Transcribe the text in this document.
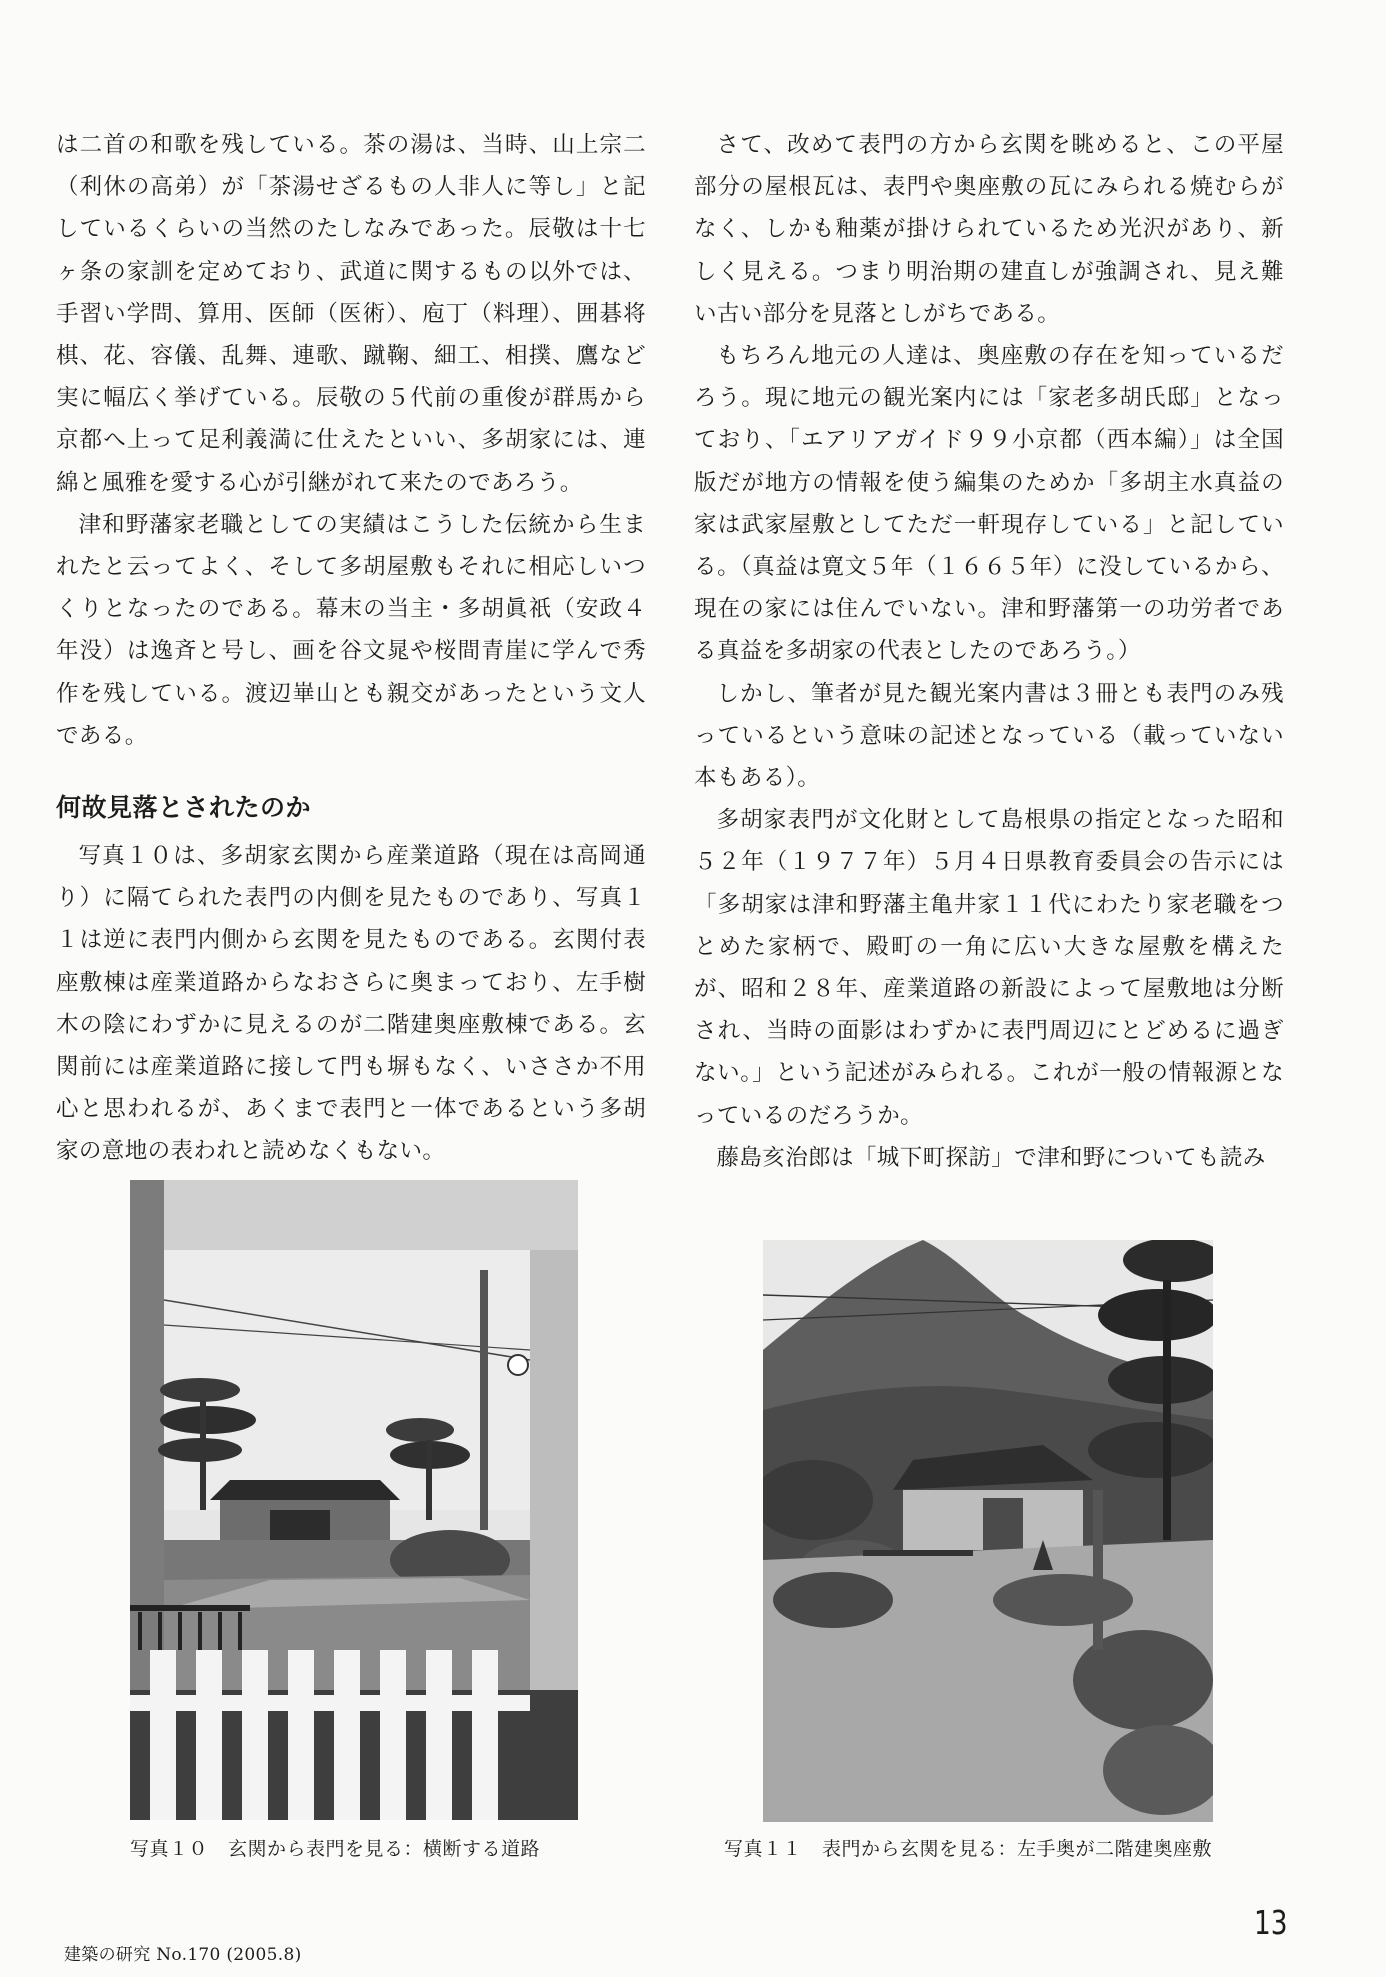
は二首の和歌を残している。茶の湯は、当時、山上宗二（利休の高弟）が「茶湯せざるもの人非人に等し」と記しているくらいの当然のたしなみであった。辰敬は十七ヶ条の家訓を定めており、武道に関するもの以外では、手習い学問、算用、医師（医術）、庖丁（料理）、囲碁将棋、花、容儀、乱舞、連歌、蹴鞠、細工、相撲、鷹など実に幅広く挙げている。辰敬の５代前の重俊が群馬から京都へ上って足利義満に仕えたといい、多胡家には、連綿と風雅を愛する心が引継がれて来たのであろう。

津和野藩家老職としての実績はこうした伝統から生まれたと云ってよく、そして多胡屋敷もそれに相応しいつくりとなったのである。幕末の当主・多胡眞祇（安政４年没）は逸斉と号し、画を谷文晁や桜間青崖に学んで秀作を残している。渡辺崋山とも親交があったという文人である。

何故見落とされたのか

写真１０は、多胡家玄関から産業道路（現在は高岡通り）に隔てられた表門の内側を見たものであり、写真１１は逆に表門内側から玄関を見たものである。玄関付表座敷棟は産業道路からなおさらに奥まっており、左手樹木の陰にわずかに見えるのが二階建奥座敷棟である。玄関前には産業道路に接して門も塀もなく、いささか不用心と思われるが、あくまで表門と一体であるという多胡家の意地の表われと読めなくもない。

さて、改めて表門の方から玄関を眺めると、この平屋部分の屋根瓦は、表門や奥座敷の瓦にみられる焼むらがなく、しかも釉薬が掛けられているため光沢があり、新しく見える。つまり明治期の建直しが強調され、見え難い古い部分を見落としがちである。

もちろん地元の人達は、奥座敷の存在を知っているだろう。現に地元の観光案内には「家老多胡氏邸」となっており、「エアリアガイド９９小京都（西本編）」は全国版だが地方の情報を使う編集のためか「多胡主水真益の家は武家屋敷としてただ一軒現存している」と記している。（真益は寛文５年（１６６５年）に没しているから、現在の家には住んでいない。津和野藩第一の功労者である真益を多胡家の代表としたのであろう。）

しかし、筆者が見た観光案内書は３冊とも表門のみ残っているという意味の記述となっている（載っていない本もある）。

多胡家表門が文化財として島根県の指定となった昭和５２年（１９７７年）５月４日県教育委員会の告示には「多胡家は津和野藩主亀井家１１代にわたり家老職をつとめた家柄で、殿町の一角に広い大きな屋敷を構えたが、昭和２８年、産業道路の新設によって屋敷地は分断され、当時の面影はわずかに表門周辺にとどめるに過ぎない。」という記述がみられる。これが一般の情報源となっているのだろうか。

藤島亥治郎は「城下町探訪」で津和野についても読み

写真１０ 玄関から表門を見る：横断する道路	写真１１ 表門から玄関を見る：左手奥が二階建奥座敷
建築の研究 No.170 (2005.8)
13
